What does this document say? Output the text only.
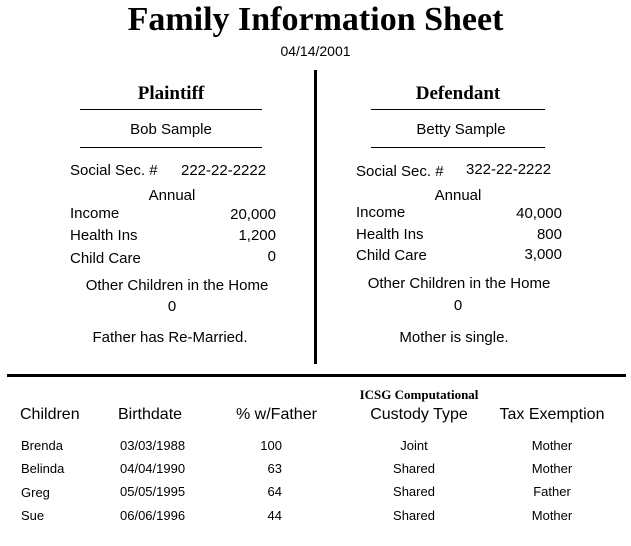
Family Information Sheet
04/14/2001
Plaintiff
Bob Sample
Social Sec. # 222-22-2222
Annual
Income	20,000
Health Ins	1,200
Child Care	0
Other Children in the Home
0
Father has Re-Married.
Defendant
Betty Sample
Social Sec. # 322-22-2222
Annual
Income	40,000
Health Ins	800
Child Care	3,000
Other Children in the Home
0
Mother is single.
ICSG Computational
Children Birthdate	% w/Father	Custody Type	Tax Exemption
Brenda	03/03/1988	100	Joint	Mother
Belinda	04/04/1990	63	Shared	Mother
Greg	05/05/1995	64	Shared	Father
Sue	06/06/1996	44	Shared	Mother
